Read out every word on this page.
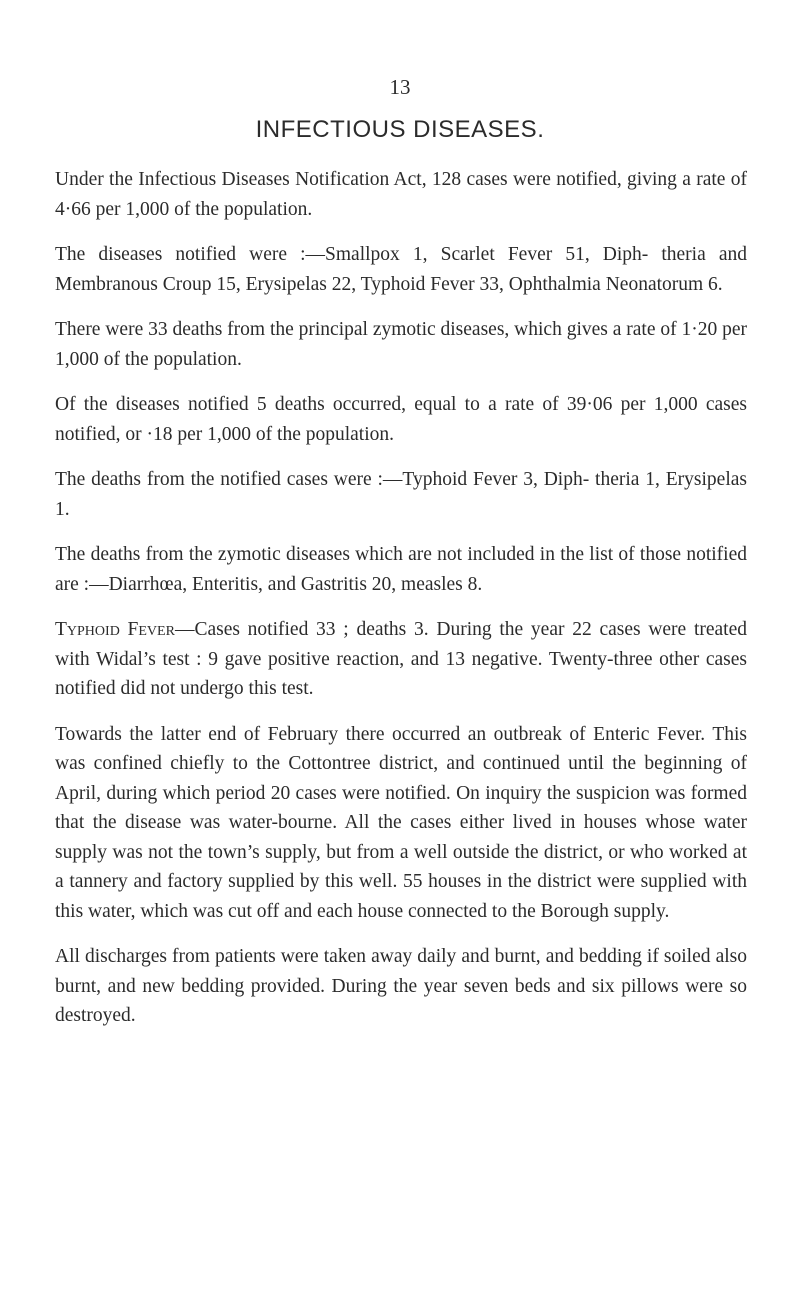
13
INFECTIOUS DISEASES.

Under the Infectious Diseases Notification Act, 128 cases were notified, giving a rate of 4·66 per 1,000 of the population.

The diseases notified were :—Smallpox 1, Scarlet Fever 51, Diph- theria and Membranous Croup 15, Erysipelas 22, Typhoid Fever 33, Ophthalmia Neonatorum 6.

There were 33 deaths from the principal zymotic diseases, which gives a rate of 1·20 per 1,000 of the population.

Of the diseases notified 5 deaths occurred, equal to a rate of 39·06 per 1,000 cases notified, or ·18 per 1,000 of the population.

The deaths from the notified cases were :—Typhoid Fever 3, Diph- theria 1, Erysipelas 1.

The deaths from the zymotic diseases which are not included in the list of those notified are :—Diarrhœa, Enteritis, and Gastritis 20, measles 8.

Typhoid Fever—Cases notified 33 ; deaths 3. During the year 22 cases were treated with Widal’s test : 9 gave positive reaction, and 13 negative. Twenty-three other cases notified did not undergo this test.

Towards the latter end of February there occurred an outbreak of Enteric Fever. This was confined chiefly to the Cottontree district, and continued until the beginning of April, during which period 20 cases were notified. On inquiry the suspicion was formed that the disease was water-bourne. All the cases either lived in houses whose water supply was not the town’s supply, but from a well outside the district, or who worked at a tannery and factory supplied by this well. 55 houses in the district were supplied with this water, which was cut off and each house connected to the Borough supply.

All discharges from patients were taken away daily and burnt, and bedding if soiled also burnt, and new bedding provided. During the year seven beds and six pillows were so destroyed.
